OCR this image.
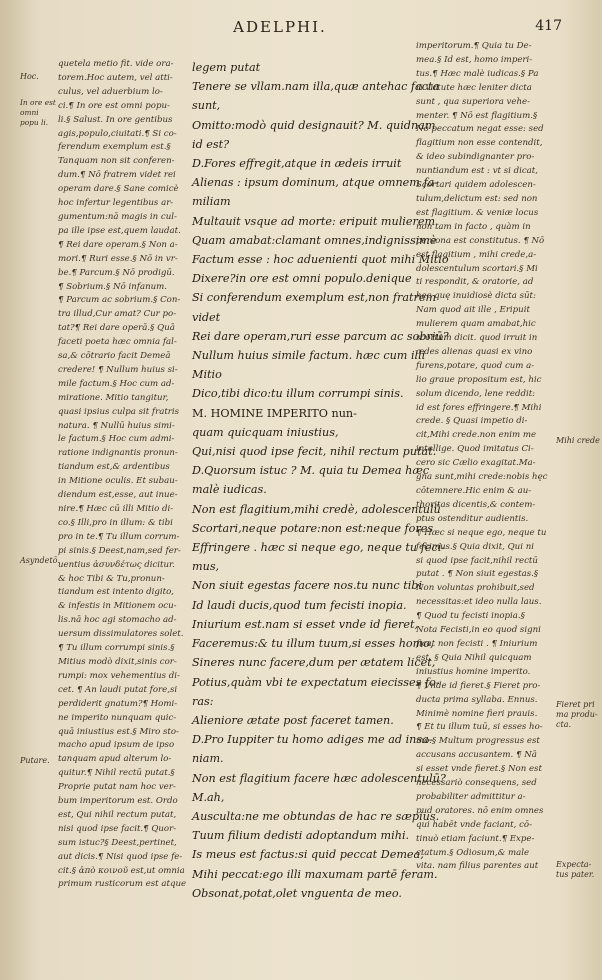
ADELPHI.	417
Hoc.
In ore est omni popu li.
Asyndetō.
Putare.
quetela metio fit. vide ora-
torem.Hoc autem, vel atti-
culus, vel aduerbium lo-
ci.¶ In ore est omni popu-
li.§ Salust. In ore gentibus
agis,populo,ciuitati.¶ Si co-
ferendum exemplum est.§
Tanquam non sit conferen-
dum.¶ Nō fratrem videt rei
operam dare.§ Sane comicè
hoc infertur legentibus ar-
gumentum:nā magis in cul-
pa ille ipse est,quem laudat.
¶ Rei dare operam.§ Non a-
mori.¶ Ruri esse.§ Nō in vr-
be.¶ Parcum.§ Nō prodigū.
¶ Sobrium.§ Nō infanum.
¶ Parcum ac sobrium.§ Con-
tra illud,Cur amat? Cur po-
tat?¶ Rei dare operā.§ Quā
faceti poeta hæc omnia fal-
sa,& cōtrario facit Demeā
credere! ¶ Nullum huius si-
mile factum.§ Hoc cum ad-
miratione. Mitio tangitur,
quasi ipsius culpa sit fratris
natura. ¶ Nullū huius simi-
le factum.§ Hoc cum admi-
ratione indignantis pronun-
tiandum est,& ardentibus
in Mitione oculis. Et subau-
diendum est,esse, aut inue-
nire.¶ Hæc cū illi Mitio di-
co.§ Illi,pro in illum: & tibi
pro in te.¶ Tu illum corrum-
pi sinis.§ Deest,nam,sed fer-
uentius ἀσυνδέτως dicitur.
& hoc Tibi & Tu,pronun-
tiandum est intento digito,
& infestis in Mitionem ocu-
lis.nā hoc agi stomacho ad-
uersum dissimulatores solet.
¶ Tu illum corrumpi sinis.§
Mitius modò dixit,sinis cor-
rumpi: mox vehementius di-
cet. ¶ An laudi putat fore,si
perdiderit gnatum?¶ Homi-
ne imperito nunquam quic-
quā iniustius est.§ Miro sto-
macho apud ipsum de ipso
tanquam apud alterum lo-
quitur.¶ Nihil rectū putat.§
Proprie putat nam hoc ver-
bum imperitorum est. Ordo
est, Qui nihil rectum putat,
nisi quod ipse facit.¶ Quor-
sum istuc?§ Deest,pertinet,
aut dicis.¶ Nisi quod ipse fe-
cit.§ ἀπὸ κοινοῦ est,ut omnia
primum rusticorum est atque
legem putat
Tenere se vllam.nam illa,quæ antehac facta
sunt,
Omitto:modò quid designauit? M. quidnam
id est?
D.Fores effregit,atque in ædeis irruit
Alienas : ipsum dominum, atque omnem fa-
miliam
Multauit vsque ad morte: eripuit mulierem
Quam amabat:clamant omnes,indignissimè
Factum esse : hoc aduenienti quot mihi Mitio
Dixere?in ore est omni populo.denique
Si conferendum exemplum est,non fratrem
videt
Rei dare operam,ruri esse parcum ac sobriū?
Nullum huius simile factum. hæc cum illi
Mitio
Dico,tibi dico:tu illum corrumpi sinis.
M. HOMINE IMPERITO nun-
quam quicquam iniustius,
Qui,nisi quod ipse fecit, nihil rectum putat.
D.Quorsum istuc ? M. quia tu Demea hæc
malè iudicas.
Non est flagitium,mihi credè, adolescentulū
Scortari,neque potare:non est:neque fores
Effringere . hæc si neque ego, neque tu feci-
mus,
Non siuit egestas facere nos.tu nunc tibi
Id laudi ducis,quod tum fecisti inopia.
Iniurium est.nam si esset vnde id fieret,
Faceremus:& tu illum tuum,si esses homo,
Sineres nunc facere,dum per ætatem licet,
Potius,quàm vbi te expectatum eiecisses fo-
ras:
Alieniore ætate post faceret tamen.
D.Pro Iuppiter tu homo adiges me ad insa-
niam.
Non est flagitium facere hæc adolescentulū?
M.ah,
Ausculta:ne me obtundas de hac re sæpius.
Tuum filium dedisti adoptandum mihi.
Is meus est factus:si quid peccat Demea,
Mihi peccat:ego illi maxumam partē feram.
Obsonat,potat,olet vnguenta de meo.
imperitorum.¶ Quia tu De-
mea.§ Id est, homo imperi-
tus.¶ Hæc malè iudicas.§ Pa
ri virtute hæc leniter dicta
sunt , qua superiora vehe-
menter. ¶ Nō est flagitium.§
Nō peccatum negat esse: sed
flagitium non esse contendit,
& ideo subindignanter pro-
nuntiandum est : vt si dicat,
Scortari quidem adolescen-
tulum,delictum est: sed non
est flagitium. & veniæ locus
non tam in facto , quàm in
persona est constitutus. ¶ Nō
est flagitium , mihi crede,a-
dolescentulum scortari.§ Mi
ti respondit, & oratorie, ad
hęc quę inuidiosè dicta sūt:
Nam quod ait ille , Eripuit
mulierem quam amabat,hic
scortum dicit. quod irruit in
ædes alienas quasi ex vino
furens,potare, quod cum a-
lio graue propositum est, hic
solum dicendo, lene reddit:
id est fores effringere.¶ Mihi
crede. § Quasi impetio di-
cit,Mihi crede.non enim me
intellige. Quod imitatus Ci-
cero sic Cælio exagitat.Ma-
gna sunt,mihi crede:nobis hęc
cōtemnere.Hic enim & au-
thoritas dicentis,& contem-
ptus ostenditur audientis.
¶ Hæc si neque ego, neque tu
fecimus.§ Quia dixit, Qui ni
si quod ipse facit,nihil rectū
putat . ¶ Non siuit egestas.§
Non voluntas prohibuit,sed
necessitas:et ideo nulla laus.
¶ Quod tu fecisti inopia.§
Nota Fecisti,in eo quod signi
ficat non fecisti . ¶ Iniurium
est. § Quia Nihil quicquam
iniustius homine imperito.
¶ Vnde id fieret.§ Fieret pro-
ducta prima syllaba. Ennus.
Minimè nomine fieri prauis.
¶ Et tu illum tuū, si esses ho-
mo.§ Multum progressus est
accusans accusantem. ¶ Nā
si esset vnde fieret.§ Non est
necessariò consequens, sed
probabiliter admittitur a-
pud oratores. nō enim omnes
qui habēt vnde faciant, cō-
tinuò etiam faciunt.¶ Expe-
ctatum.§ Odiosum,& male
vita. nam filius parentes aut
Mihi crede
Fieret pri ma produ-cta.
Expecta-tus pater.
